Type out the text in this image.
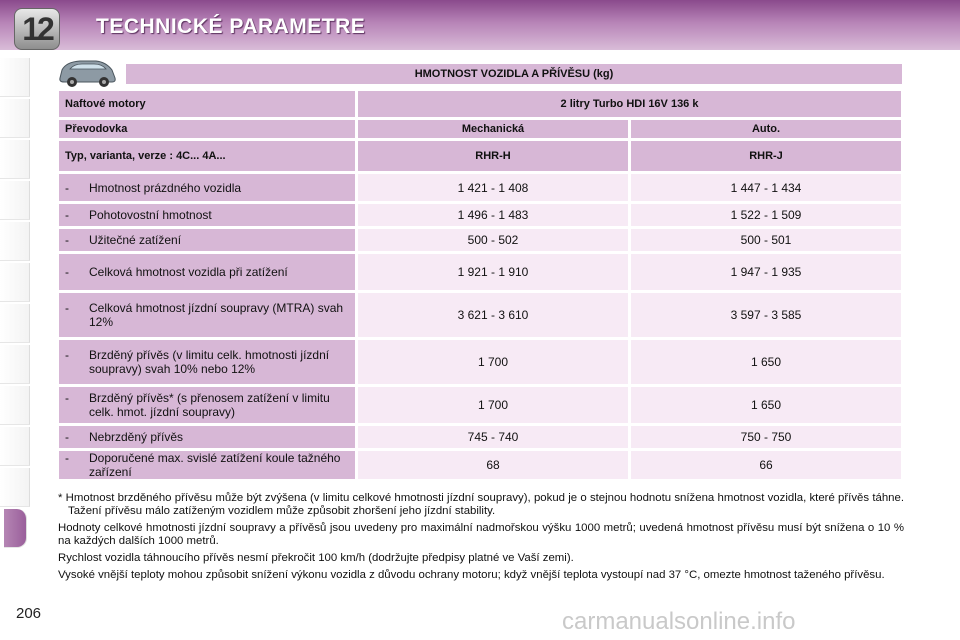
12	TECHNICKÉ PARAMETRE
HMOTNOST VOZIDLA A PŘÍVĚSU (kg)
Naftové motory	2 litry Turbo HDI 16V 136 k	
Převodovka	Mechanická	Auto.
Typ, varianta, verze : 4C... 4A...	RHR-H	RHR-J

- Hmotnost prázdného vozidla	1 421 - 1 408	1 447 - 1 434

- Pohotovostní hmotnost	1 496 - 1 483	1 522 - 1 509

- Užitečné zatížení	500 - 502	500 - 501

- Celková hmotnost vozidla při zatížení	1 921 - 1 910	1 947 - 1 935

- Celková hmotnost jízdní soupravy (MTRA) svah 12%	3 621 - 3 610	3 597 - 3 585

- Brzděný přívěs (v limitu celk. hmotnosti jízdní soupravy) svah 10% nebo 12%	1 700	1 650

- Brzděný přívěs* (s přenosem zatížení v limitu celk. hmot. jízdní soupravy)	1 700	1 650

- Nebrzděný přívěs	745 - 740	750 - 750

- Doporučené max. svislé zatížení koule tažného zařízení	68	66

* Hmotnost brzděného přívěsu může být zvýšena (v limitu celkové hmotnosti jízdní soupravy), pokud je o stejnou hodnotu snížena hmotnost vozidla, které přívěs táhne. Tažení přívěsu málo zatíženým vozidlem může způsobit zhoršení jeho jízdní stability.

Hodnoty celkové hmotnosti jízdní soupravy a přívěsů jsou uvedeny pro maximální nadmořskou výšku 1000 metrů; uvedená hmotnost přívěsu musí být snížena o 10 % na každých dalších 1000 metrů.

Rychlost vozidla táhnoucího přívěs nesmí překročit 100 km/h (dodržujte předpisy platné ve Vaší zemi).

Vysoké vnější teploty mohou způsobit snížení výkonu vozidla z důvodu ochrany motoru; když vnější teplota vystoupí nad 37 °C, omezte hmotnost taženého přívěsu.

206	carmanualsonline.info
